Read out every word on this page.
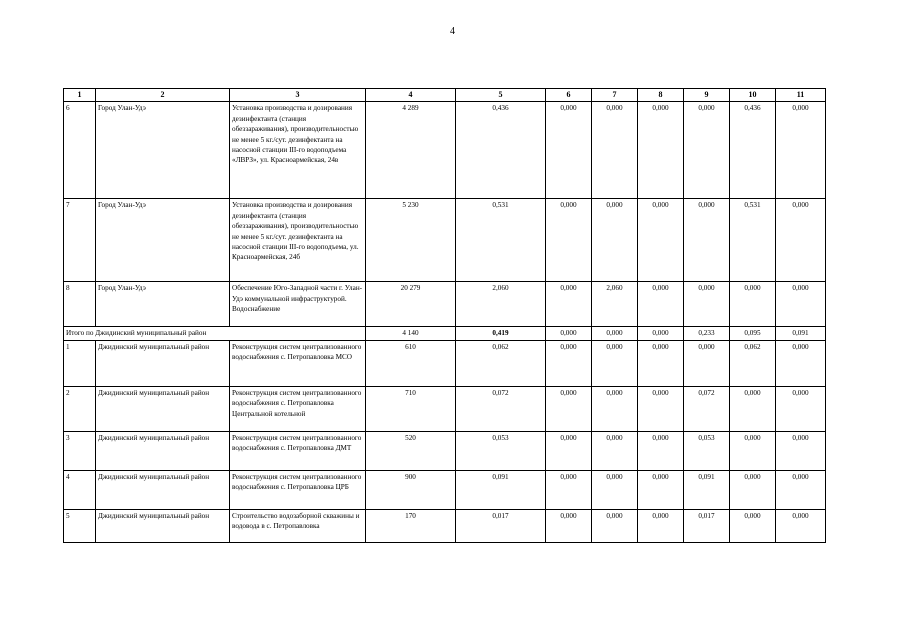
4
1	2	3	4	5	6	7	8	9	10	11
6	Город Улан-Удэ	Установка производства и дозирования дезинфектанта (станция обеззараживания), производительностью не менее 5 кг./сут. дезинфектанта на насосной станции III-го водоподъема «ЛВРЗ», ул. Красноармейская, 24в	4 289	0,436	0,000	0,000	0,000	0,000	0,436	0,000
7	Город Улан-Удэ	Установка производства и дозирования дезинфектанта (станция обеззараживания), производительностью не менее 5 кг./сут. дезинфектанта на насосной станции III-го водоподъема, ул. Красноармейская, 24б	5 230	0,531	0,000	0,000	0,000	0,000	0,531	0,000
8	Город Улан-Удэ	Обеспечение Юго-Западной части г. Улан-Удэ коммунальной инфраструктурой. Водоснабжение	20 279	2,060	0,000	2,060	0,000	0,000	0,000	0,000
Итого по Джидинский муниципальный район			4 140	0,419	0,000	0,000	0,000	0,233	0,095	0,091
1	Джидинский муниципальный район	Реконструкция систем централизованного водоснабжения с. Петропавловка МСО	610	0,062	0,000	0,000	0,000	0,000	0,062	0,000
2	Джидинский муниципальный район	Реконструкция систем централизованного водоснабжения с. Петропавловка Центральной котельной	710	0,072	0,000	0,000	0,000	0,072	0,000	0,000
3	Джидинский муниципальный район	Реконструкция систем централизованного водоснабжения с. Петропавловка ДМТ	520	0,053	0,000	0,000	0,000	0,053	0,000	0,000
4	Джидинский муниципальный район	Реконструкция систем централизованного водоснабжения с. Петропавловка ЦРБ	900	0,091	0,000	0,000	0,000	0,091	0,000	0,000
5	Джидинский муниципальный район	Строительство водозаборной скважины и водовода в с. Петропавловка	170	0,017	0,000	0,000	0,000	0,017	0,000	0,000
